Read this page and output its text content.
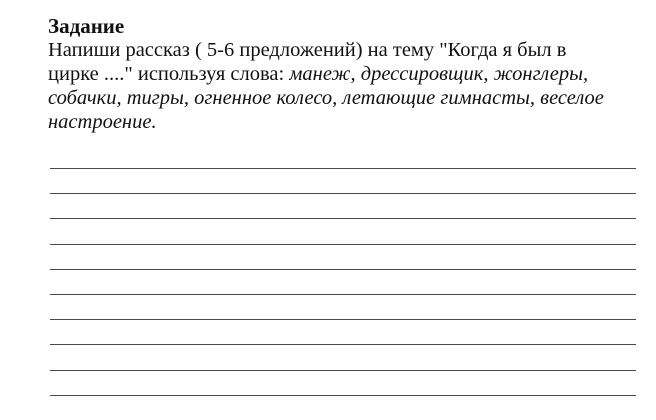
Задание

Напиши рассказ ( 5-6 предложений) на тему "Когда я был в

цирке ...." используя слова: манеж, дрессировщик, жонглеры,

собачки, тигры, огненное колесо, летающие гимнасты, веселое

настроение.
